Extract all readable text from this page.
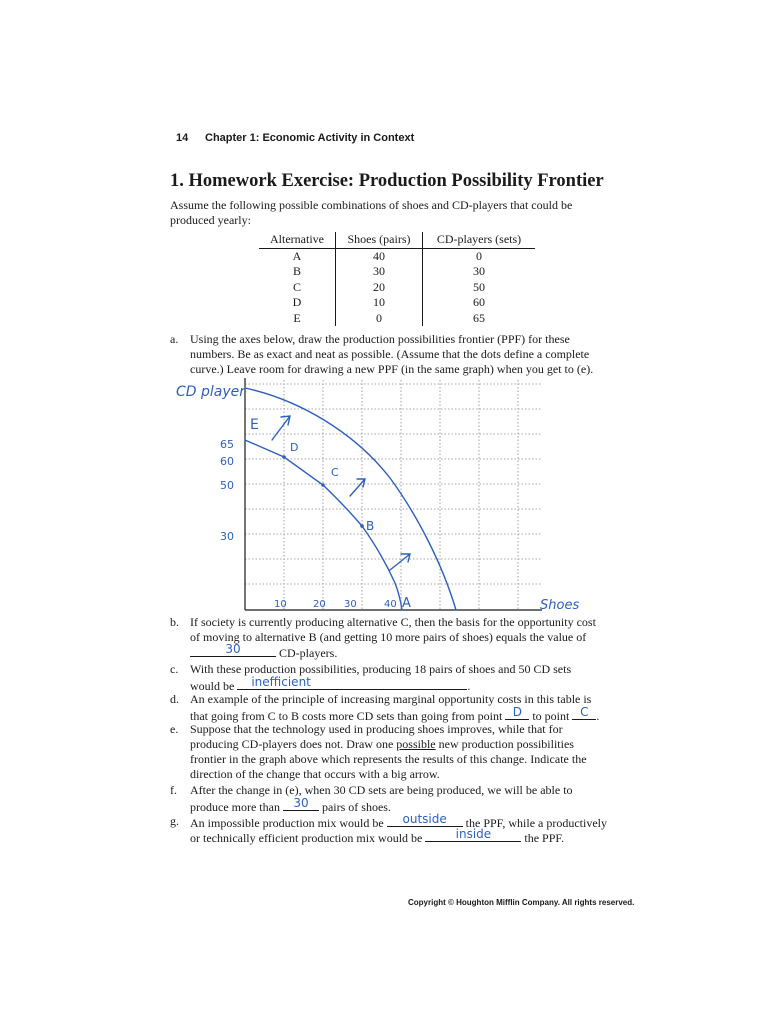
14 Chapter 1: Economic Activity in Context
1. Homework Exercise: Production Possibility Frontier
Assume the following possible combinations of shoes and CD-players that could be
produced yearly:
Alternative	Shoes (pairs)	CD-players (sets)
A	40	0
B	30	30
C	20	50
D	10	60
E	0	65
a. Using the axes below, draw the production possibilities frontier (PPF) for these
numbers. Be as exact and neat as possible. (Assume that the dots define a complete
curve.) Leave room for drawing a new PPF (in the same graph) when you get to (e).
CD player
Shoes
65
60
50
30
10	20 30	40
E
D
C
B
A
b. If society is currently producing alternative C, then the basis for the opportunity cost
of moving to alternative B (and getting 10 more pairs of shoes) equals the value of
30	CD-players.
c. With these production possibilities, producing 18 pairs of shoes and 50 CD sets
would be	inefficient	.
d. An example of the principle of increasing marginal opportunity costs in this table is
that going from C to B costs more CD sets than going from point D to point C .
e. Suppose that the technology used in producing shoes improves, while that for
producing CD-players does not. Draw one possible new production possibilities
frontier in the graph above which represents the results of this change. Indicate the
direction of the change that occurs with a big arrow.
f. After the change in (e), when 30 CD sets are being produced, we will be able to
produce more than	30	pairs of shoes.
g. An impossible production mix would be	outside	the PPF, while a productively
or technically efficient production mix would be	inside	the PPF.
Copyright © Houghton Mifflin Company. All rights reserved.
